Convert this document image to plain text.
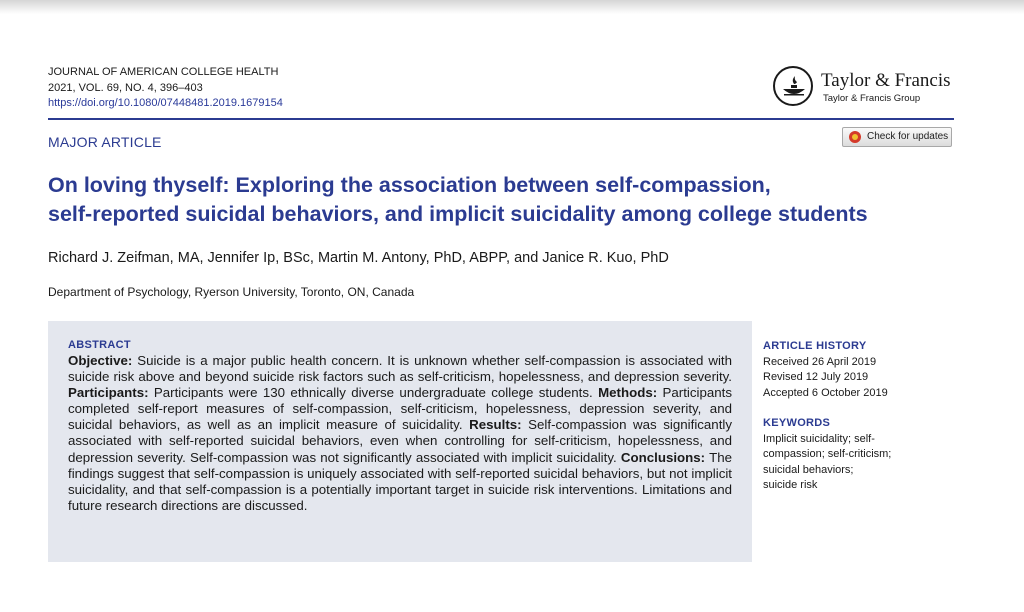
JOURNAL OF AMERICAN COLLEGE HEALTH
2021, VOL. 69, NO. 4, 396–403
https://doi.org/10.1080/07448481.2019.1679154
Taylor & Francis
Taylor & Francis Group
MAJOR ARTICLE	Check for updates
On loving thyself: Exploring the association between self-compassion,
self-reported suicidal behaviors, and implicit suicidality among college students
Richard J. Zeifman, MA, Jennifer Ip, BSc, Martin M. Antony, PhD, ABPP, and Janice R. Kuo, PhD
Department of Psychology, Ryerson University, Toronto, ON, Canada
ABSTRACT
Objective: Suicide is a major public health concern. It is unknown whether self-compassion is associated with suicide risk above and beyond suicide risk factors such as self-criticism, hopelessness, and depression severity. Participants: Participants were 130 ethnically diverse undergraduate college students. Methods: Participants completed self-report measures of self-compassion, self-criticism, hopelessness, depression severity, and suicidal behaviors, as well as an implicit measure of suicidality. Results: Self-compassion was significantly associated with self-reported suicidal behaviors, even when controlling for self-criticism, hopelessness, and depression severity. Self-compassion was not significantly associated with implicit suicidality. Conclusions: The findings suggest that self-compassion is uniquely associated with self-reported suicidal behaviors, but not implicit suicidality, and that self-compassion is a potentially important target in suicide risk interventions. Limitations and future research directions are discussed.
ARTICLE HISTORY
Received 26 April 2019
Revised 12 July 2019
Accepted 6 October 2019
KEYWORDS
Implicit suicidality; self-
compassion; self-criticism;
suicidal behaviors;
suicide risk
